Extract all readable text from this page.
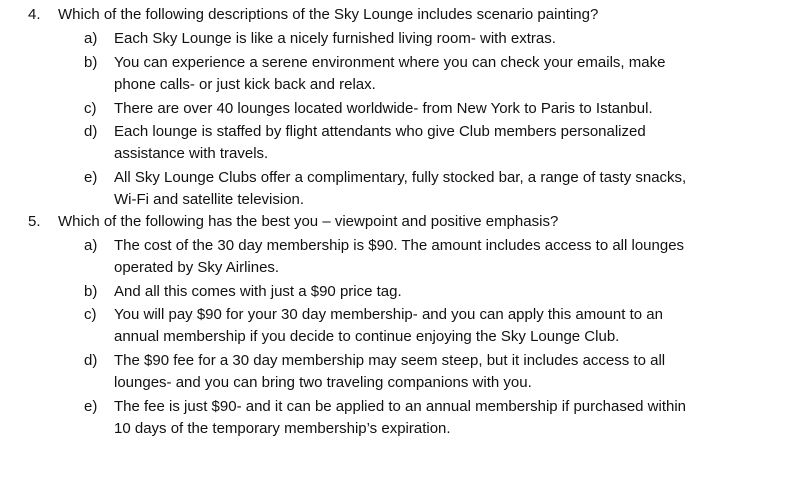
4. Which of the following descriptions of the Sky Lounge includes scenario painting?
a) Each Sky Lounge is like a nicely furnished living room- with extras.
b) You can experience a serene environment where you can check your emails, make
phone calls- or just kick back and relax.
c) There are over 40 lounges located worldwide- from New York to Paris to Istanbul.
d) Each lounge is staffed by flight attendants who give Club members personalized
assistance with travels.
e) All Sky Lounge Clubs offer a complimentary, fully stocked bar, a range of tasty snacks,
Wi-Fi and satellite television.
5. Which of the following has the best you – viewpoint and positive emphasis?
a) The cost of the 30 day membership is $90. The amount includes access to all lounges
operated by Sky Airlines.
b) And all this comes with just a $90 price tag.
c) You will pay $90 for your 30 day membership- and you can apply this amount to an
annual membership if you decide to continue enjoying the Sky Lounge Club.
d) The $90 fee for a 30 day membership may seem steep, but it includes access to all
lounges- and you can bring two traveling companions with you.
e) The fee is just $90- and it can be applied to an annual membership if purchased within
10 days of the temporary membership’s expiration.
